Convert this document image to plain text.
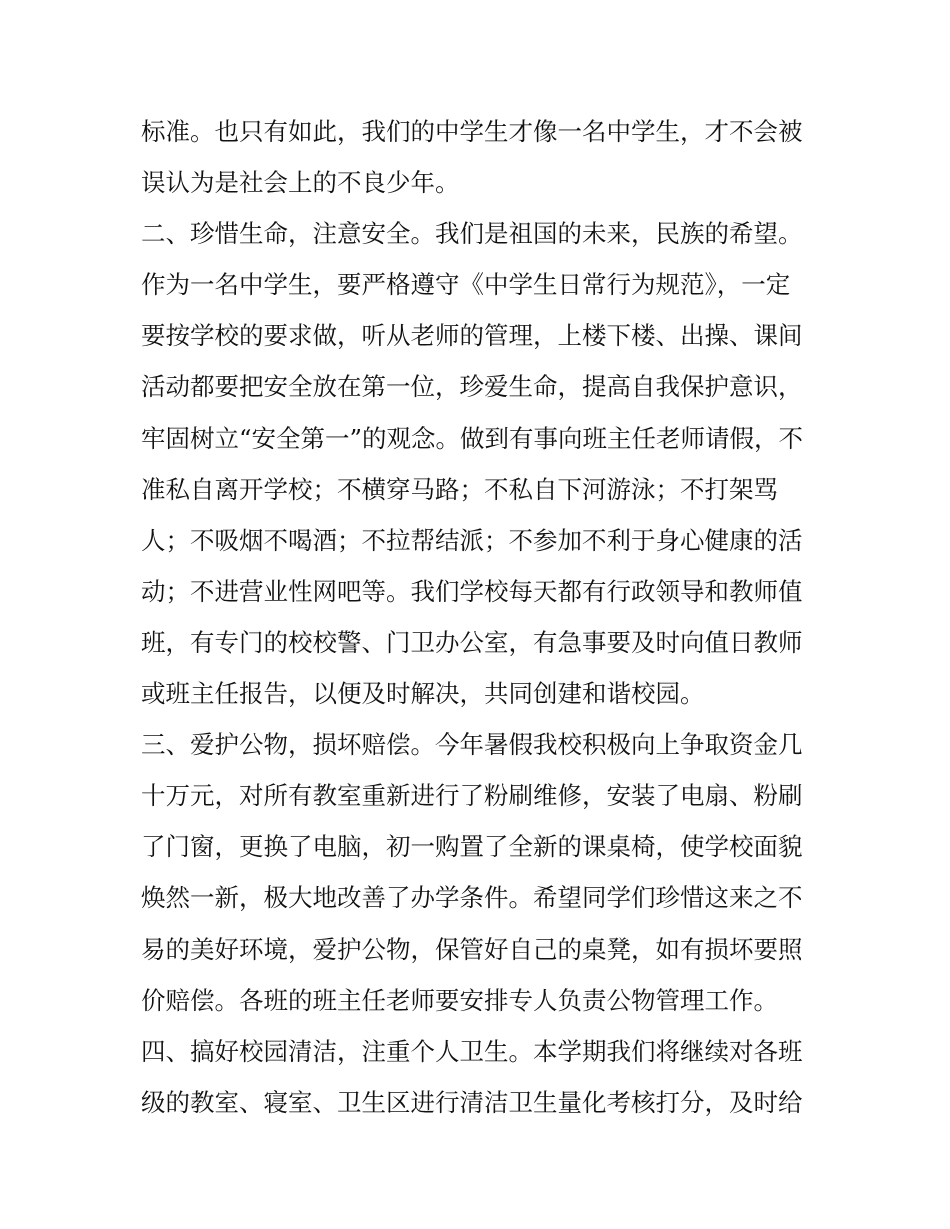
标准。也只有如此，我们的中学生才像一名中学生，才不会被
误认为是社会上的不良少年。
二、珍惜生命，注意安全。我们是祖国的未来，民族的希望。
作为一名中学生，要严格遵守《中学生日常行为规范》，一定
要按学校的要求做，听从老师的管理，上楼下楼、出操、课间
活动都要把安全放在第一位，珍爱生命，提高自我保护意识，
牢固树立“安全第一”的观念。做到有事向班主任老师请假，不
准私自离开学校；不横穿马路；不私自下河游泳；不打架骂
人；不吸烟不喝酒；不拉帮结派；不参加不利于身心健康的活
动；不进营业性网吧等。我们学校每天都有行政领导和教师值
班，有专门的校校警、门卫办公室，有急事要及时向值日教师
或班主任报告，以便及时解决，共同创建和谐校园。
三、爱护公物，损坏赔偿。今年暑假我校积极向上争取资金几
十万元，对所有教室重新进行了粉刷维修，安装了电扇、粉刷
了门窗，更换了电脑，初一购置了全新的课桌椅，使学校面貌
焕然一新，极大地改善了办学条件。希望同学们珍惜这来之不
易的美好环境，爱护公物，保管好自己的桌凳，如有损坏要照
价赔偿。各班的班主任老师要安排专人负责公物管理工作。
四、搞好校园清洁，注重个人卫生。本学期我们将继续对各班
级的教室、寝室、卫生区进行清洁卫生量化考核打分，及时给
